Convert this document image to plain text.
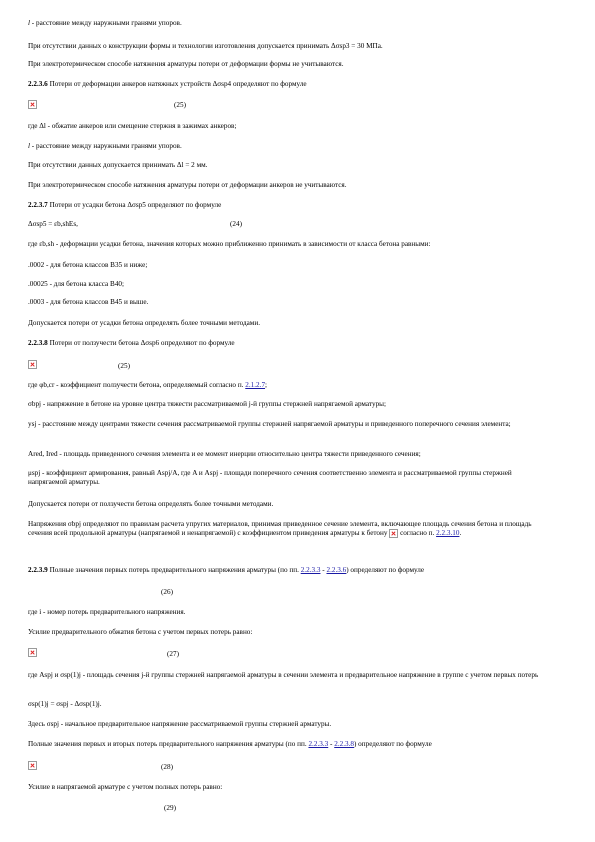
l - расстояние между наружными гранями упоров.
При отсутствии данных о конструкции формы и технологии изготовления допускается принимать Δσsp3 = 30 МПа.
При электротермическом способе натяжения арматуры потери от деформации формы не учитываются.
2.2.3.6 Потери от деформации анкеров натяжных устройств Δσsp4 определяют по формуле
(25)
где Δl - обжатие анкеров или смещение стержня в зажимах анкеров;
l - расстояние между наружными гранями упоров.
При отсутствии данных допускается принимать Δl = 2 мм.
При электротермическом способе натяжения арматуры потери от деформации анкеров не учитываются.
2.2.3.7 Потери от усадки бетона Δσsp5 определяют по формуле
Δσsp5 = εb,shEs,	(24)
где εb,sh - деформации усадки бетона, значения которых можно приближенно принимать в зависимости от класса бетона равными:
.0002 - для бетона классов В35 и ниже;
.00025 - для бетона класса В40;
.0003 - для бетона классов В45 и выше.
Допускается потери от усадки бетона определять более точными методами.
2.2.3.8 Потери от ползучести бетона Δσsp6 определяют по формуле
(25)
где φb,cr - коэффициент ползучести бетона, определяемый согласно п. 2.1.2.7;
σbpj - напряжение в бетоне на уровне центра тяжести рассматриваемой j-й группы стержней напрягаемой арматуры;
ysj - расстояние между центрами тяжести сечения рассматриваемой группы стержней напрягаемой арматуры и приведенного поперечного сечения элемента;
Ared, Ired - площадь приведенного сечения элемента и ее момент инерции относительно центра тяжести приведенного сечения;
μspj - коэффициент армирования, равный Aspj/A, где A и Aspj - площади поперечного сечения соответственно элемента и рассматриваемой группы стержней напрягаемой арматуры.
Допускается потери от ползучести бетона определять более точными методами.
Напряжения σbpj определяют по правилам расчета упругих материалов, принимая приведенное сечение элемента, включающее площадь сечения бетона и площадь сечения всей продольной арматуры (напрягаемой и ненапрягаемой) с коэффициентом приведения арматуры к бетону  согласно п. 2.2.3.10.
2.2.3.9 Полные значения первых потерь предварительного напряжения арматуры (по пп. 2.2.3.3 - 2.2.3.6) определяют по формуле
(26)
где i - номер потерь предварительного напряжения.
Усилие предварительного обжатия бетона с учетом первых потерь равно:
(27)
где Aspj и σsp(1)j - площадь сечения j-й группы стержней напрягаемой арматуры в сечении элемента и предварительное напряжение в группе с учетом первых потерь
σsp(1)j = σspj - Δσsp(1)j.
Здесь σspj - начальное предварительное напряжение рассматриваемой группы стержней арматуры.
Полные значения первых и вторых потерь предварительного напряжения арматуры (по пп. 2.2.3.3 - 2.2.3.8) определяют по формуле
(28)
Усилие в напрягаемой арматуре с учетом полных потерь равно:
(29)
